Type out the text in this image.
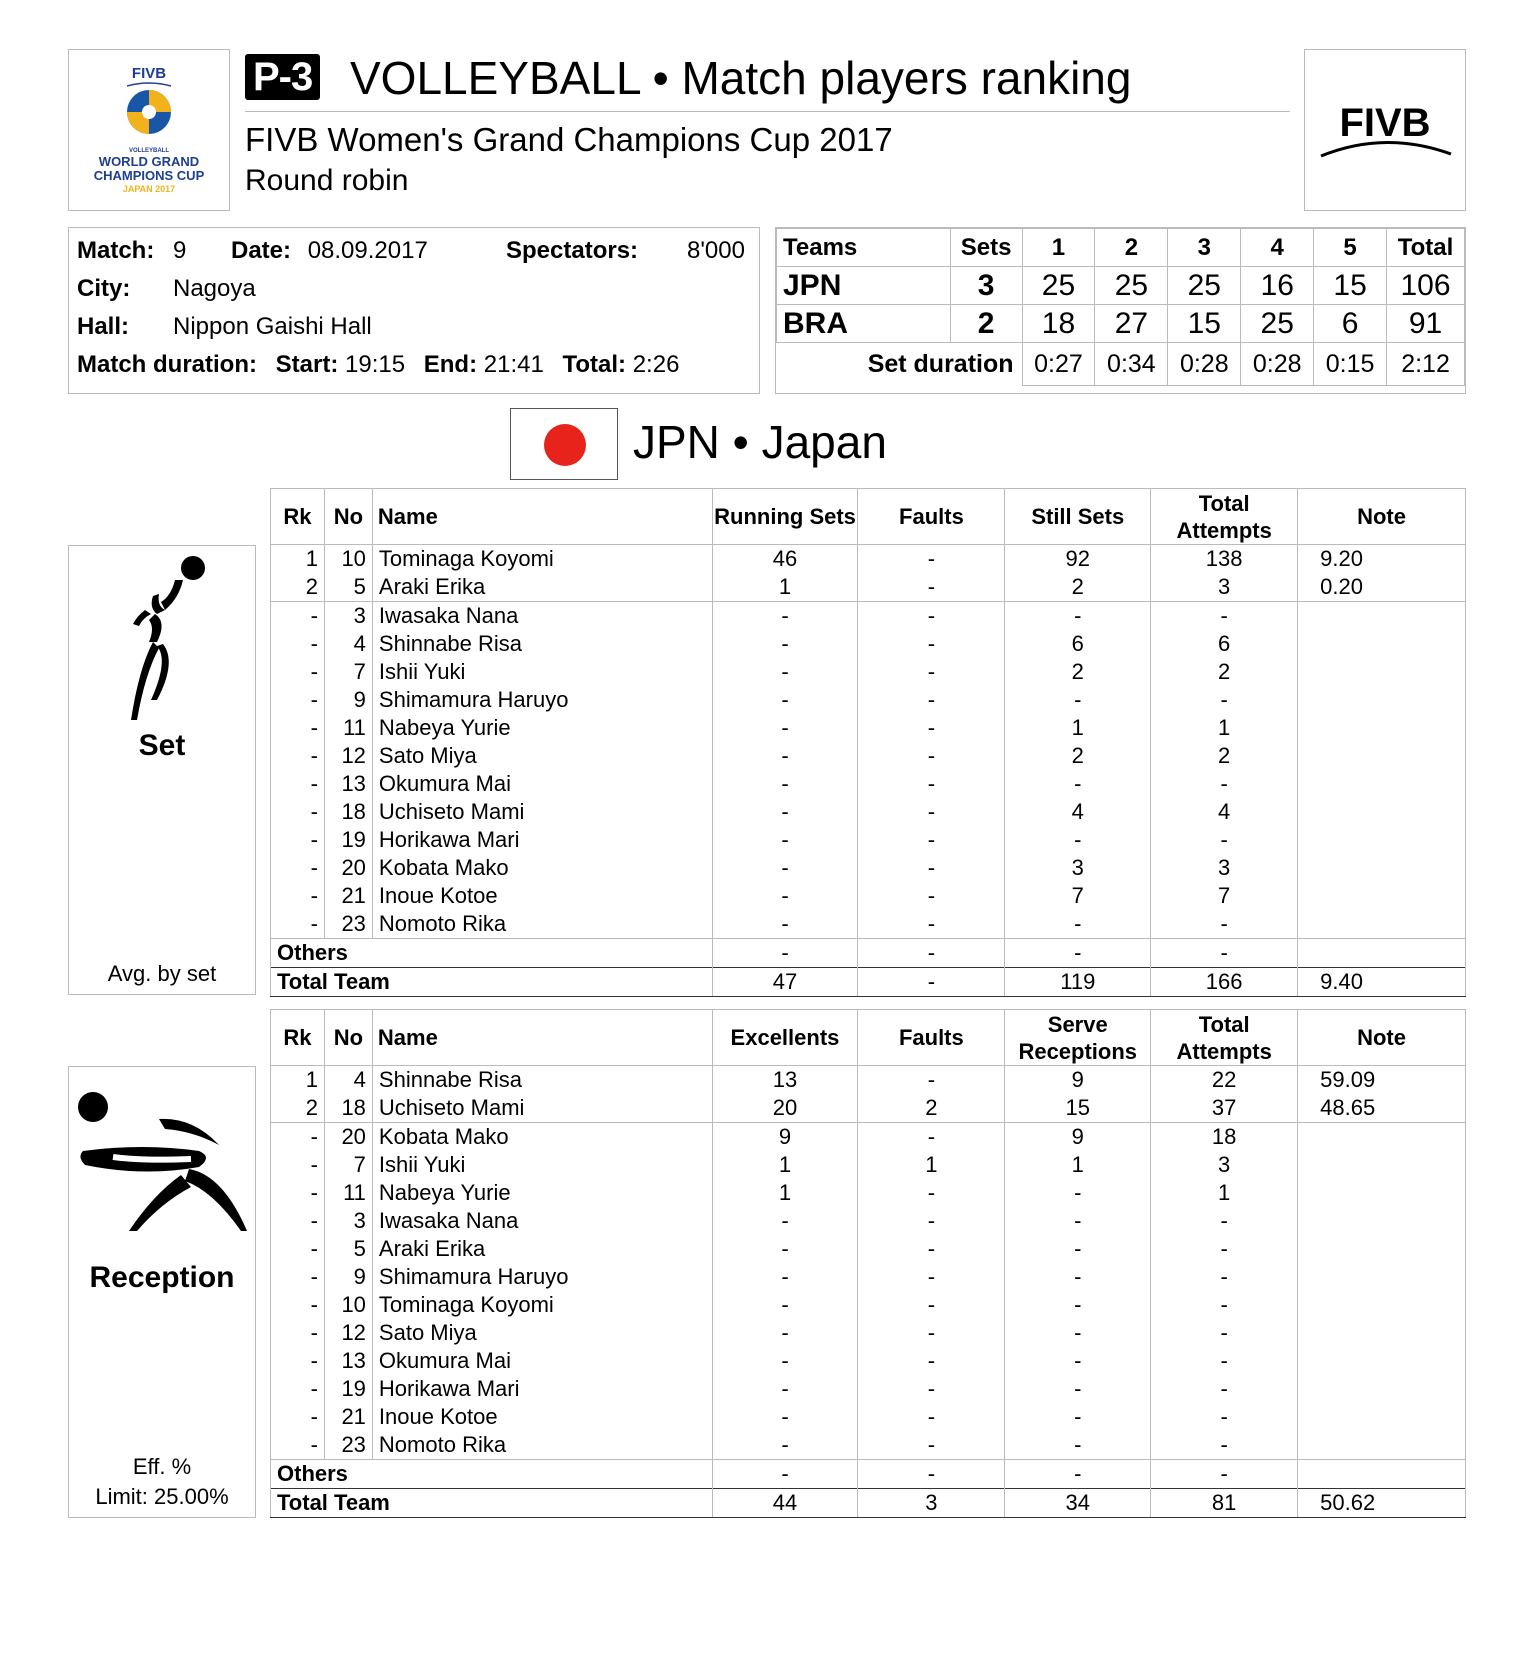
FIVB
VOLLEYBALL
WORLD GRAND
CHAMPIONS CUP
JAPAN 2017
P-3 VOLLEYBALL • Match players ranking
FIVB Women's Grand Champions Cup 2017
Round robin
FIVB
Match: 9 Date: 08.09.2017	Spectators: 8'000
City: Nagoya
Hall: Nippon Gaishi Hall
Match duration: Start: 19:15 End: 21:41 Total: 2:26
Teams	Sets	1	2	3	4	5	Total
JPN	3	25	25	25	16	15	106
BRA	2	18	27	15	25	6	91
Set duration		0:27	0:34	0:28	0:28	0:15	2:12
JPN • Japan
Set
Avg. by set
Rk	No	Name	Running Sets	Faults	Still Sets	Total Attempts	Note
1	10	Tominaga Koyomi	46	-	92	138	9.20
2	5	Araki Erika	1	-	2	3	0.20
-	3	Iwasaka Nana	-	-	-	-	
-	4	Shinnabe Risa	-	-	6	6	
-	7	Ishii Yuki	-	-	2	2	
-	9	Shimamura Haruyo	-	-	-	-	
-	11	Nabeya Yurie	-	-	1	1	
-	12	Sato Miya	-	-	2	2	
-	13	Okumura Mai	-	-	-	-	
-	18	Uchiseto Mami	-	-	4	4	
-	19	Horikawa Mari	-	-	-	-	
-	20	Kobata Mako	-	-	3	3	
-	21	Inoue Kotoe	-	-	7	7	
-	23	Nomoto Rika	-	-	-	-	
Others			-	-	-	-	
Total Team			47	-	119	166	9.40
Reception
Eff. %
Limit: 25.00%
Rk	No	Name	Excellents	Faults	Serve Receptions	Total Attempts	Note
1	4	Shinnabe Risa	13	-	9	22	59.09
2	18	Uchiseto Mami	20	2	15	37	48.65
-	20	Kobata Mako	9	-	9	18	
-	7	Ishii Yuki	1	1	1	3	
-	11	Nabeya Yurie	1	-	-	1	
-	3	Iwasaka Nana	-	-	-	-	
-	5	Araki Erika	-	-	-	-	
-	9	Shimamura Haruyo	-	-	-	-	
-	10	Tominaga Koyomi	-	-	-	-	
-	12	Sato Miya	-	-	-	-	
-	13	Okumura Mai	-	-	-	-	
-	19	Horikawa Mari	-	-	-	-	
-	21	Inoue Kotoe	-	-	-	-	
-	23	Nomoto Rika	-	-	-	-	
Others			-	-	-	-	
Total Team			44	3	34	81	50.62
